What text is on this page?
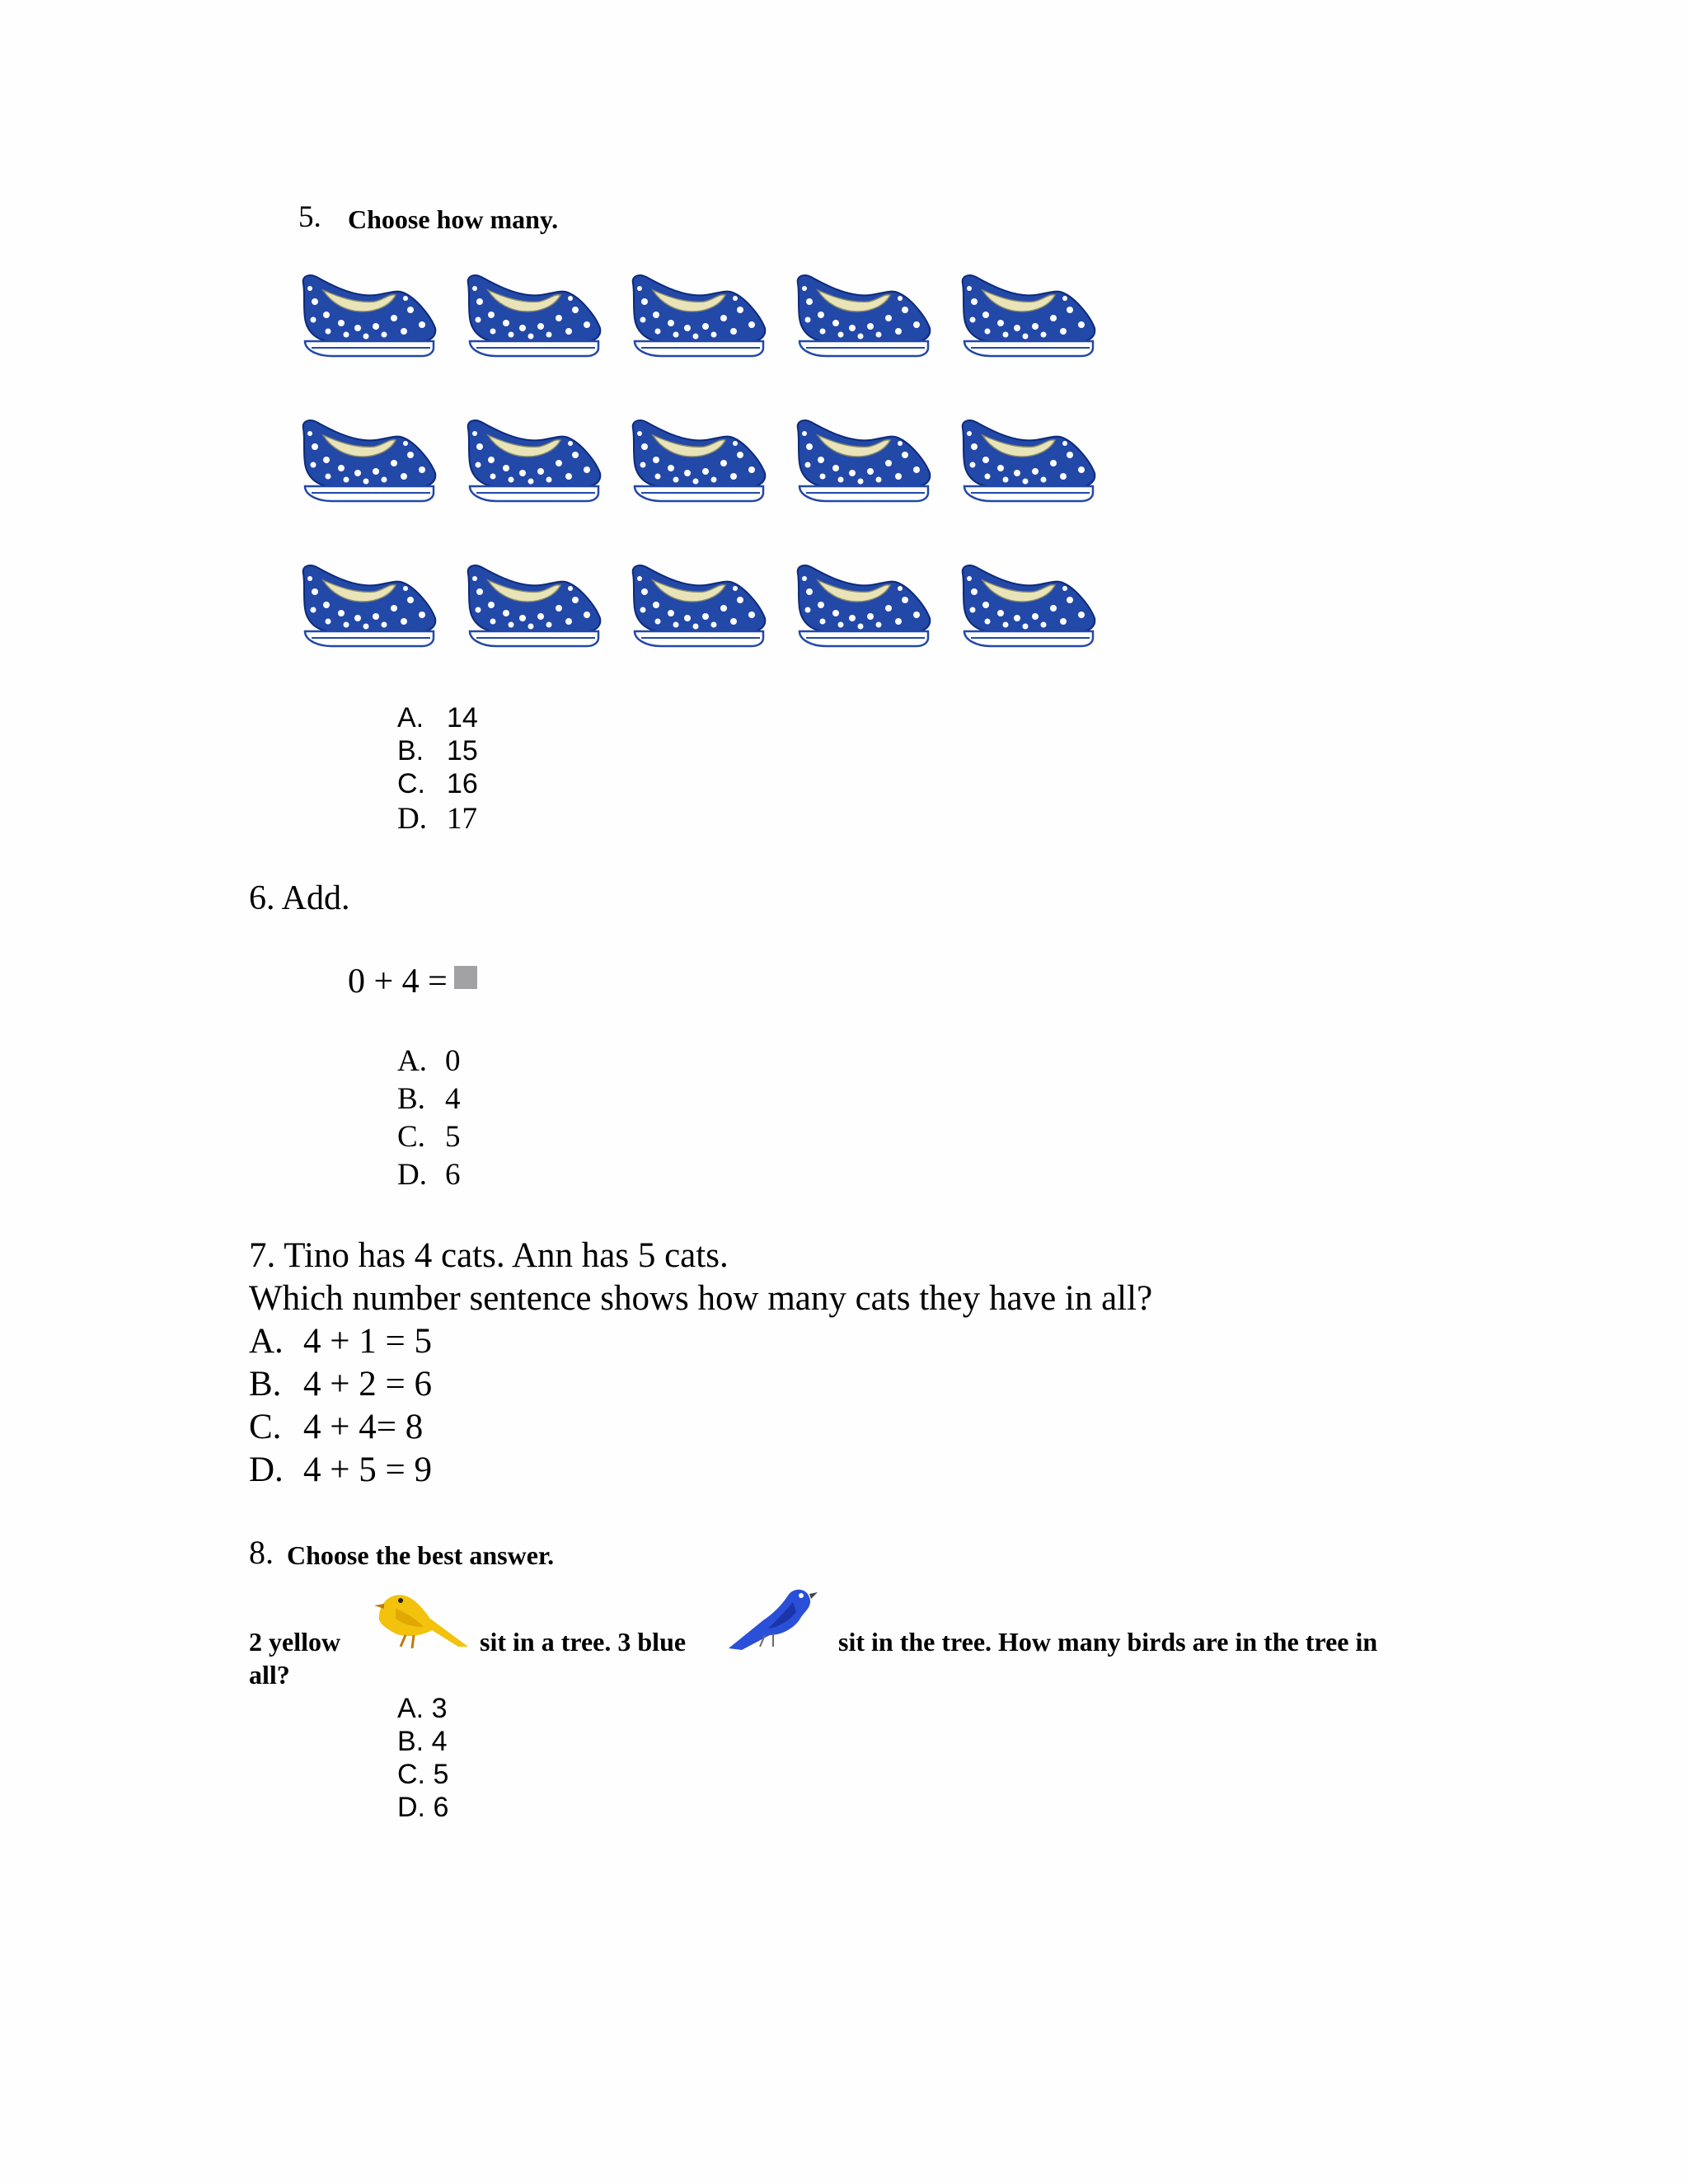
5. Choose how many.
A. 14
B. 15
C. 16
D. 17
6. Add.
0 + 4 =
A. 0
B. 4
C. 5
D. 6
7. Tino has 4 cats. Ann has 5 cats.
Which number sentence shows how many cats they have in all?
A. 4 + 1 = 5
B. 4 + 2 = 6
C. 4 + 4= 8
D. 4 + 5 = 9
8. Choose the best answer.
2 yellow	sit in a tree. 3 blue	sit in the tree. How many birds are in the tree in
all?
A. 3
B. 4
C. 5
D. 6
